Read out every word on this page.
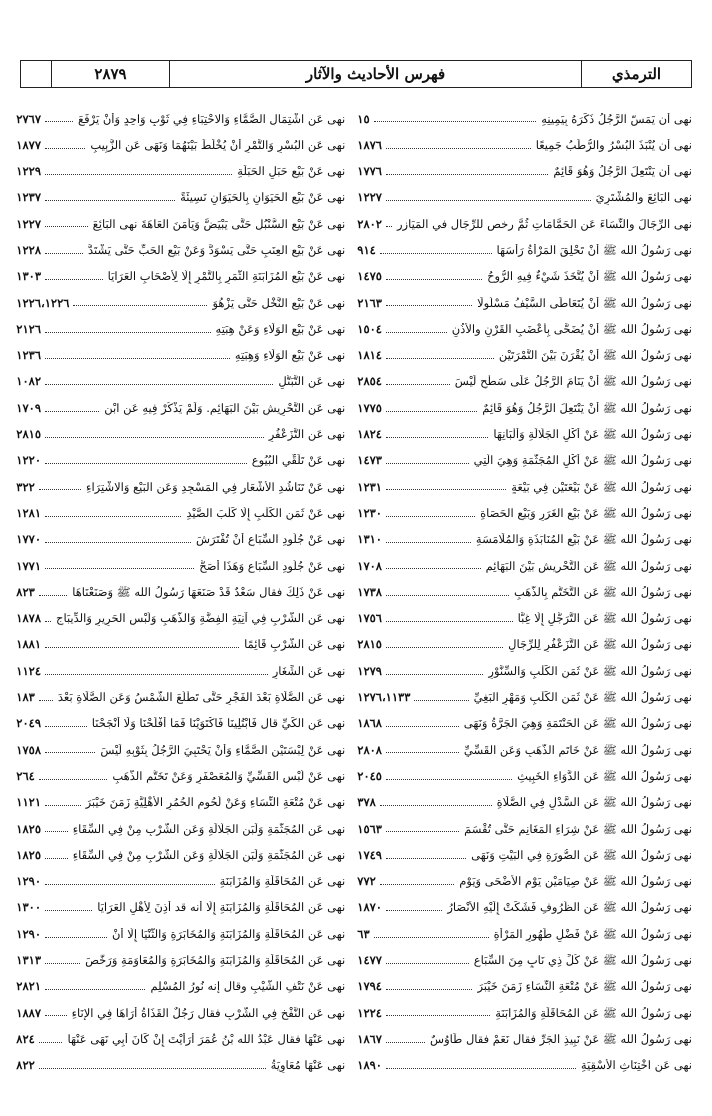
الترمذي
فهرس الأحاديث والآثار
٢٨٧٩
نهى أن يَمَسّ الرَّجُلُ ذَكَرَهُ بِيَمِينِهِ
١٥
نهى أن يُنْبَذَ البُسْرُ والرُّطَبُ جَمِيعًا
١٨٧٦
نهى أن يَنْتَعِلَ الرَّجُلُ وَهُوَ قَائِمٌ
١٧٧٦
نهى البَائِعَ والمُشْتَرِيَ
١٢٢٧
نهى الرِّجَالَ والنِّسَاءَ عَن الحَمَّامَاتِ ثُمَّ رخص للرِّجَال في المَيَازِرِ
٢٨٠٢
نهى رَسُولُ الله ﷺ أَنْ تَحْلِقَ المَرْأَةُ رَأْسَهَا
٩١٤
نهى رَسُولُ الله ﷺ أَنْ يُتَّخَذَ شَيْءٌ فِيهِ الرُّوحُ
١٤٧٥
نهى رَسُولُ الله ﷺ أَنْ يُتَعَاطَى السَّيْفُ مَسْلُولًا
٢١٦٣
نهى رَسُولُ الله ﷺ أَنْ يُضَحَّى بِأَعْضَبِ القَرْنِ والأُذُنِ
١٥٠٤
نهى رَسُولُ الله ﷺ أَنْ يُقْرَنَ بَيْنَ التَّمْرَتَيْنِ
١٨١٤
نهى رَسُولُ الله ﷺ أَنْ يَنَامَ الرَّجُلُ عَلَى سَطْحٍ لَيْسَ
٢٨٥٤
نهى رَسُولُ الله ﷺ أَنْ يَنْتَعِلَ الرَّجُلُ وَهُوَ قَائِمٌ
١٧٧٥
نهى رَسُولُ الله ﷺ عَنْ أَكْلِ الجَلَّالَةِ وَأَلْبَانِهَا
١٨٢٤
نهى رَسُولُ الله ﷺ عَنْ أَكْلِ المُجَثَّمَةِ وَهِيَ الَّتِي
١٤٧٣
نهى رَسُولُ الله ﷺ عَنْ بَيْعَتَيْنِ فِي بَيْعَةٍ
١٢٣١
نهى رَسُولُ الله ﷺ عَنْ بَيْعِ الغَرَرِ وَبَيْعِ الحَصَاةِ
١٢٣٠
نهى رَسُولُ الله ﷺ عَنْ بَيْعِ المُنَابَذَةِ وَالمُلَامَسَةِ
١٣١٠
نهى رَسُولُ الله ﷺ عَنِ التَّحْرِيشِ بَيْنَ البَهَائِمِ
١٧٠٨
نهى رَسُولُ الله ﷺ عَنِ التَّخَتُّمِ بِالذَّهَبِ
١٧٣٨
نهى رَسُولُ الله ﷺ عَنِ التَّرَجُّلِ إِلَّا غِبًّا
١٧٥٦
نهى رَسُولُ الله ﷺ عَنِ التَّزَعْفُرِ لِلرِّجَالِ
٢٨١٥
نهى رَسُولُ الله ﷺ عَنْ ثَمَنِ الكَلْبِ وَالسِّنَّوْرِ
١٢٧٩
نهى رَسُولُ الله ﷺ عَنْ ثَمَنِ الكَلْبِ وَمَهْرِ البَغِيِّ
١٢٧٦،١١٣٣
نهى رَسُولُ الله ﷺ عَنِ الحَنْتَمَةِ وَهِيَ الجَرَّةُ وَنَهَى
١٨٦٨
نهى رَسُولُ الله ﷺ عَنْ خَاتَمِ الذَّهَبِ وَعَنِ القَسِّيِّ
٢٨٠٨
نهى رَسُولُ الله ﷺ عَنِ الدَّوَاءِ الخَبِيثِ
٢٠٤٥
نهى رَسُولُ الله ﷺ عَنِ السَّدْلِ فِي الصَّلَاةِ
٣٧٨
نهى رَسُولُ الله ﷺ عَنْ شِرَاءِ المَغَانِمِ حَتَّى تُقْسَمَ
١٥٦٣
نهى رَسُولُ الله ﷺ عَنِ الصُّورَةِ فِي البَيْتِ وَنَهَى
١٧٤٩
نهى رَسُولُ الله ﷺ عَنْ صِيَامَيْنِ يَوْمِ الأَضْحَى وَيَوْمِ
٧٧٢
نهى رَسُولُ الله ﷺ عَنِ الظُّرُوفِ فَشَكَتْ إِلَيْهِ الأَنْصَارُ
١٨٧٠
نهى رَسُولُ الله ﷺ عَنْ فَضْلِ طَهُورِ المَرْأَةِ
٦٣
نهى رَسُولُ الله ﷺ عَنْ كُلِّ ذِي نَابٍ مِنَ السِّبَاعِ
١٤٧٧
نهى رَسُولُ الله ﷺ عَنْ مُتْعَةِ النِّسَاءِ زَمَنَ خَيْبَرَ
١٧٩٤
نهى رَسُولُ الله ﷺ عَنِ المُحَاقَلَةِ وَالمُزَابَنَةِ
١٢٢٤
نهى رَسُولُ الله ﷺ عَنْ نَبِيذِ الجَرِّ فقال نَعَمْ فقال طَاوُسٌ
١٨٦٧
نهى عَنِ اخْتِنَاثِ الأَسْقِيَةِ
١٨٩٠
نهى عَنِ اشْتِمَالِ الصَّمَّاءِ وَالاحْتِبَاءِ فِي ثَوْبٍ وَاحِدٍ وَأَنْ يَرْفَعَ
٢٧٦٧
نهى عَنِ البُسْرِ وَالتَّمْرِ أَنْ يُخْلَطَ بَيْنَهُمَا وَنَهَى عَنِ الزَّبِيبِ
١٨٧٧
نهى عَنْ بَيْعِ حَبَلِ الحَبَلَةِ
١٢٢٩
نهى عَنْ بَيْعِ الحَيَوَانِ بِالحَيَوَانِ نَسِيئَةً
١٢٣٧
نهى عَنْ بَيْعِ السُّنْبُلِ حَتَّى يَبْيَضَّ وَيَأْمَنَ العَاهَةَ نهى البَائِعَ
١٢٢٧
نهى عَنْ بَيْعِ العِنَبِ حَتَّى يَسْوَدَّ وَعَنْ بَيْعِ الحَبِّ حَتَّى يَشْتَدَّ
١٢٢٨
نهى عَنْ بَيْعِ المُزَابَنَةِ الثَّمَرِ بِالتَّمْرِ إِلَّا لِأَصْحَابِ العَرَايَا
١٣٠٣
نهى عَنْ بَيْعِ النَّخْلِ حَتَّى يَزْهُوَ
١٢٢٦،١٢٢٦
نهى عَنْ بَيْعِ الوَلَاءِ وَعَنْ هِبَتِهِ
٢١٢٦
نهى عَنْ بَيْعِ الوَلَاءِ وَهِبَتِهِ
١٢٣٦
نهى عَنِ التَّبَتُّلِ
١٠٨٢
نهى عَنِ التَّحْرِيشِ بَيْنَ البَهَائِمِ. وَلَمْ يَذْكُرْ فِيهِ عَنِ ابْنِ
١٧٠٩
نهى عَنِ التَّزَعْفُرِ
٢٨١٥
نهى عَنْ تَلَقِّي البُيُوعِ
١٢٢٠
نهى عَنْ تَنَاشُدِ الأَشْعَارِ فِي المَسْجِدِ وَعَنِ البَيْعِ وَالاشْتِرَاءِ
٣٢٢
نهى عَنْ ثَمَنِ الكَلْبِ إِلَّا كَلْبَ الصَّيْدِ
١٢٨١
نهى عَنْ جُلُودِ السِّبَاعِ أَنْ تُفْتَرَشَ
١٧٧٠
نهى عَنْ جُلُودِ السِّبَاعِ وَهَذَا أَصَحُّ
١٧٧١
نهى عَنْ ذَلِكَ فقال سَعْدٌ قَدْ صَنَعَهَا رَسُولُ الله ﷺ وَصَنَعْنَاهَا
٨٢٣
نهى عَنِ الشُّرْبِ فِي آنِيَةِ الفِضَّةِ وَالذَّهَبِ وَلُبْسِ الحَرِيرِ وَالدِّيبَاجِ
١٨٧٨
نهى عَنِ الشُّرْبِ قَائِمًا
١٨٨١
نهى عَنِ الشِّغَارِ
١١٢٤
نهى عَنِ الصَّلَاةِ بَعْدَ الفَجْرِ حَتَّى تَطْلُعَ الشَّمْسُ وَعَنِ الصَّلَاةِ بَعْدَ
١٨٣
نهى عَنِ الكَيِّ قال فَابْتُلِينَا فَاكْتَوَيْنَا فَمَا أَفْلَحْنَا وَلَا أَنْجَحْنَا
٢٠٤٩
نهى عَنْ لِبْسَتَيْنِ الصَّمَّاءِ وَأَنْ يَحْتَبِيَ الرَّجُلُ بِثَوْبِهِ لَيْسَ
١٧٥٨
نهى عَنْ لُبْسِ القَسِّيِّ وَالمُعَصْفَرِ وَعَنْ تَخَتُّمِ الذَّهَبِ
٢٦٤
نهى عَنْ مُتْعَةِ النِّسَاءِ وَعَنْ لُحُومِ الحُمُرِ الأَهْلِيَّةِ زَمَنَ خَيْبَرَ
١١٢١
نهى عَنِ المُجَثَّمَةِ وَلَبَنِ الجَلَّالَةِ وَعَنِ الشُّرْبِ مِنْ فِي السِّقَاءِ
١٨٢٥
نهى عَنِ المُجَثَّمَةِ وَلَبَنِ الجَلَّالَةِ وَعَنِ الشُّرْبِ مِنْ فِي السِّقَاءِ
١٨٢٥
نهى عَنِ المُحَاقَلَةِ وَالمُزَابَنَةِ
١٢٩٠
نهى عَنِ المُحَاقَلَةِ وَالمُزَابَنَةِ إِلَّا أنه قد أَذِنَ لِأَهْلِ العَرَايَا
١٣٠٠
نهى عَنِ المُحَاقَلَةِ وَالمُزَابَنَةِ وَالمُخَابَرَةِ وَالثُّنْيَا إِلَّا أَنْ
١٢٩٠
نهى عَنِ المُحَاقَلَةِ وَالمُزَابَنَةِ وَالمُخَابَرَةِ وَالمُعَاوَمَةِ وَرَخَّصَ
١٣١٣
نهى عَنْ نَتْفِ الشَّيْبِ وقال إنه نُورُ المُسْلِمِ
٢٨٢١
نهى عَنِ النَّفْخِ فِي الشُّرْبِ فقال رَجُلٌ القَذَاةُ أَرَاهَا فِي الإِنَاءِ
١٨٨٧
نهى عَنْهَا فقال عَبْدُ الله بْنُ عُمَرَ أَرَأَيْتَ إِنْ كَانَ أَبِي نَهَى عَنْهَا
٨٢٤
نهى عَنْهَا مُعَاوِيَةُ
٨٢٢
